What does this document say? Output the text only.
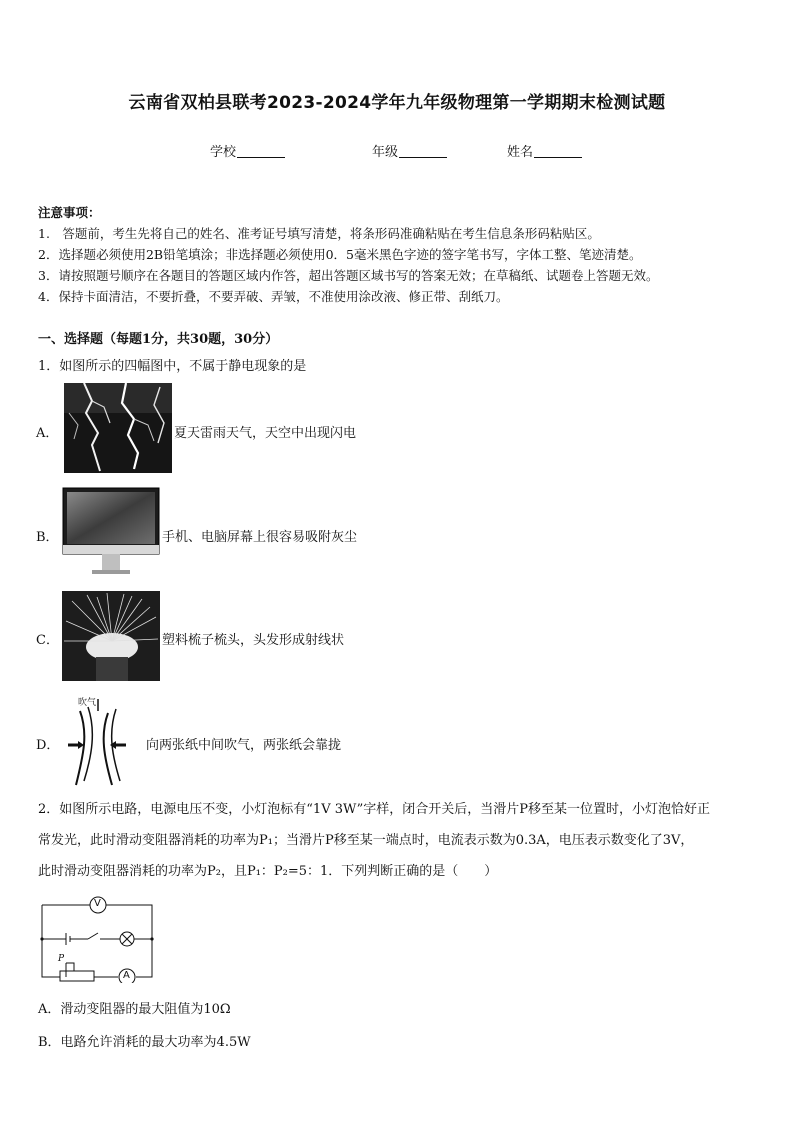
云南省双柏县联考2023-2024学年九年级物理第一学期期末检测试题
学校	年级	姓名
注意事项：
1.　答题前，考生先将自己的姓名、准考证号填写清楚，将条形码准确粘贴在考生信息条形码粘贴区。
2．选择题必须使用2B铅笔填涂；非选择题必须使用0．5毫米黑色字迹的签字笔书写，字体工整、笔迹清楚。
3．请按照题号顺序在各题目的答题区域内作答，超出答题区域书写的答案无效；在草稿纸、试题卷上答题无效。
4．保持卡面清洁，不要折叠，不要弄破、弄皱，不准使用涂改液、修正带、刮纸刀。
一、选择题（每题1分，共30题，30分）
1．如图所示的四幅图中，不属于静电现象的是
A．	夏天雷雨天气，天空中出现闪电
B．	手机、电脑屏幕上很容易吸附灰尘
C．	塑料梳子梳头，头发形成射线状
D．
吹气
向两张纸中间吹气，两张纸会靠拢
2．如图所示电路，电源电压不变，小灯泡标有“1V 3W”字样，闭合开关后，当滑片P移至某一位置时，小灯泡恰好正
常发光，此时滑动变阻器消耗的功率为P₁；当滑片P移至某一端点时，电流表示数为0.3A，电压表示数变化了3V，
此时滑动变阻器消耗的功率为P₂，且P₁：P₂=5：1．下列判断正确的是（　　）
V
A
P
A．滑动变阻器的最大阻值为10Ω
B．电路允许消耗的最大功率为4.5W
